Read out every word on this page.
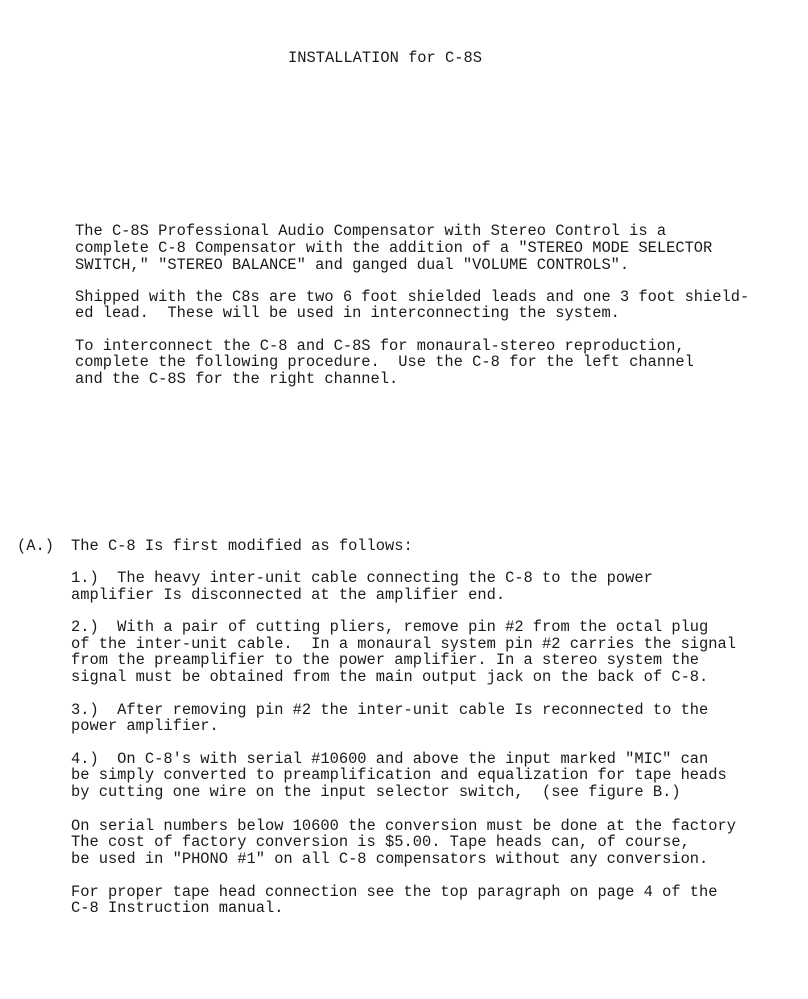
INSTALLATION for C-8S
The C-8S Professional Audio Compensator with Stereo Control is a
complete C-8 Compensator with the addition of a "STEREO MODE SELECTOR
SWITCH," "STEREO BALANCE" and ganged dual "VOLUME CONTROLS".
Shipped with the C8s are two 6 foot shielded leads and one 3 foot shield-
ed lead.  These will be used in interconnecting the system.
To interconnect the C-8 and C-8S for monaural-stereo reproduction,
complete the following procedure.  Use the C-8 for the left channel
and the C-8S for the right channel.
(A.) The C-8 Is first modified as follows:
1.)  The heavy inter-unit cable connecting the C-8 to the power
amplifier Is disconnected at the amplifier end.
2.)  With a pair of cutting pliers, remove pin #2 from the octal plug
of the inter-unit cable.  In a monaural system pin #2 carries the signal
from the preamplifier to the power amplifier. In a stereo system the
signal must be obtained from the main output jack on the back of C-8.
3.)  After removing pin #2 the inter-unit cable Is reconnected to the
power amplifier.
4.)  On C-8's with serial #10600 and above the input marked "MIC" can
be simply converted to preamplification and equalization for tape heads
by cutting one wire on the input selector switch,  (see figure B.)
On serial numbers below 10600 the conversion must be done at the factory
The cost of factory conversion is $5.00. Tape heads can, of course,
be used in "PHONO #1" on all C-8 compensators without any conversion.
For proper tape head connection see the top paragraph on page 4 of the
C-8 Instruction manual.
